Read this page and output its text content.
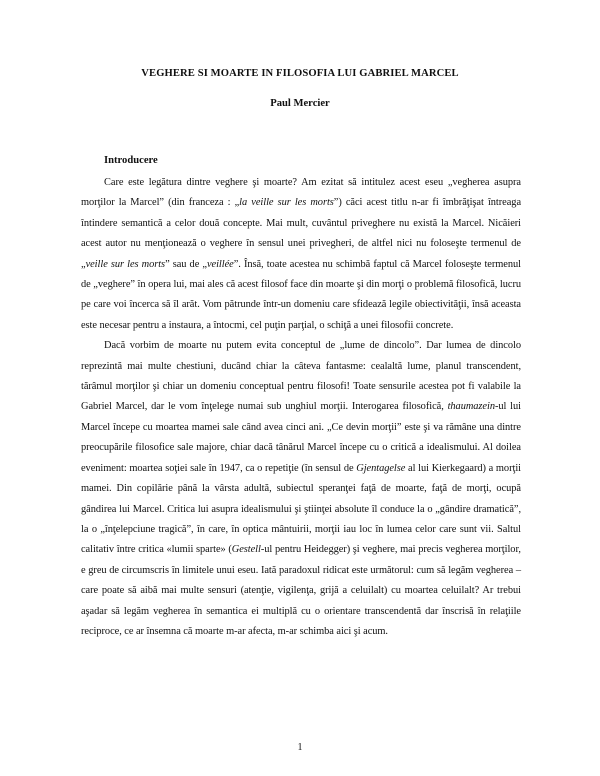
VEGHERE SI MOARTE IN FILOSOFIA LUI GABRIEL MARCEL
Paul Mercier
Introducere

Care este legătura dintre veghere şi moarte? Am ezitat să intitulez acest eseu „vegherea asupra morţilor la Marcel” (din franceza : „la veille sur les morts”) căci acest titlu n-ar fi îmbrăţişat întreaga întindere semantică a celor două concepte. Mai mult, cuvântul priveghere nu există la Marcel. Nicăieri acest autor nu menţionează o veghere în sensul unei privegheri, de altfel nici nu foloseşte termenul de „veille sur les morts” sau de „veillée”. Însă, toate acestea nu schimbă faptul că Marcel foloseşte termenul de „veghere” în opera lui, mai ales că acest filosof face din moarte şi din morţi o problemă filosofică, lucru pe care voi încerca să îl arăt. Vom pătrunde într-un domeniu care sfidează legile obiectivităţii, însă aceasta este necesar pentru a instaura, a întocmi, cel puţin parţial, o schiţă a unei filosofii concrete.

Dacă vorbim de moarte nu putem evita conceptul de „lume de dincolo”. Dar lumea de dincolo reprezintă mai multe chestiuni, ducând chiar la câteva fantasme: cealaltă lume, planul transcendent, tărâmul morţilor şi chiar un domeniu conceptual pentru filosofi! Toate sensurile acestea pot fi valabile la Gabriel Marcel, dar le vom înţelege numai sub unghiul morţii. Interogarea filosofică, thaumazein-ul lui Marcel începe cu moartea mamei sale când avea cinci ani. „Ce devin morţii” este şi va rămâne una dintre preocupările filosofice sale majore, chiar dacă tânărul Marcel începe cu o critică a idealismului. Al doilea eveniment: moartea soţiei sale în 1947, ca o repetiţie (în sensul de Gjentagelse al lui Kierkegaard) a morţii mamei. Din copilărie până la vârsta adultă, subiectul speranţei faţă de moarte, faţă de morţi, ocupă gândirea lui Marcel. Critica lui asupra idealismului şi ştiinţei absolute îl conduce la o „gândire dramatică”, la o „înţelepciune tragică”, în care, în optica mântuirii, morţii iau loc în lumea celor care sunt vii. Saltul calitativ între critica «lumii sparte» (Gestell-ul pentru Heidegger) şi veghere, mai precis vegherea morţilor, e greu de circumscris în limitele unui eseu. Iată paradoxul ridicat este următorul: cum să legăm vegherea – care poate să aibă mai multe sensuri (atenţie, vigilenţa, grijă a celuilalt) cu moartea celuilalt? Ar trebui aşadar să legăm vegherea în semantica ei multiplă cu o orientare transcendentă dar înscrisă în relaţiile reciproce, ce ar însemna că moarte m-ar afecta, m-ar schimba aici şi acum.

1
